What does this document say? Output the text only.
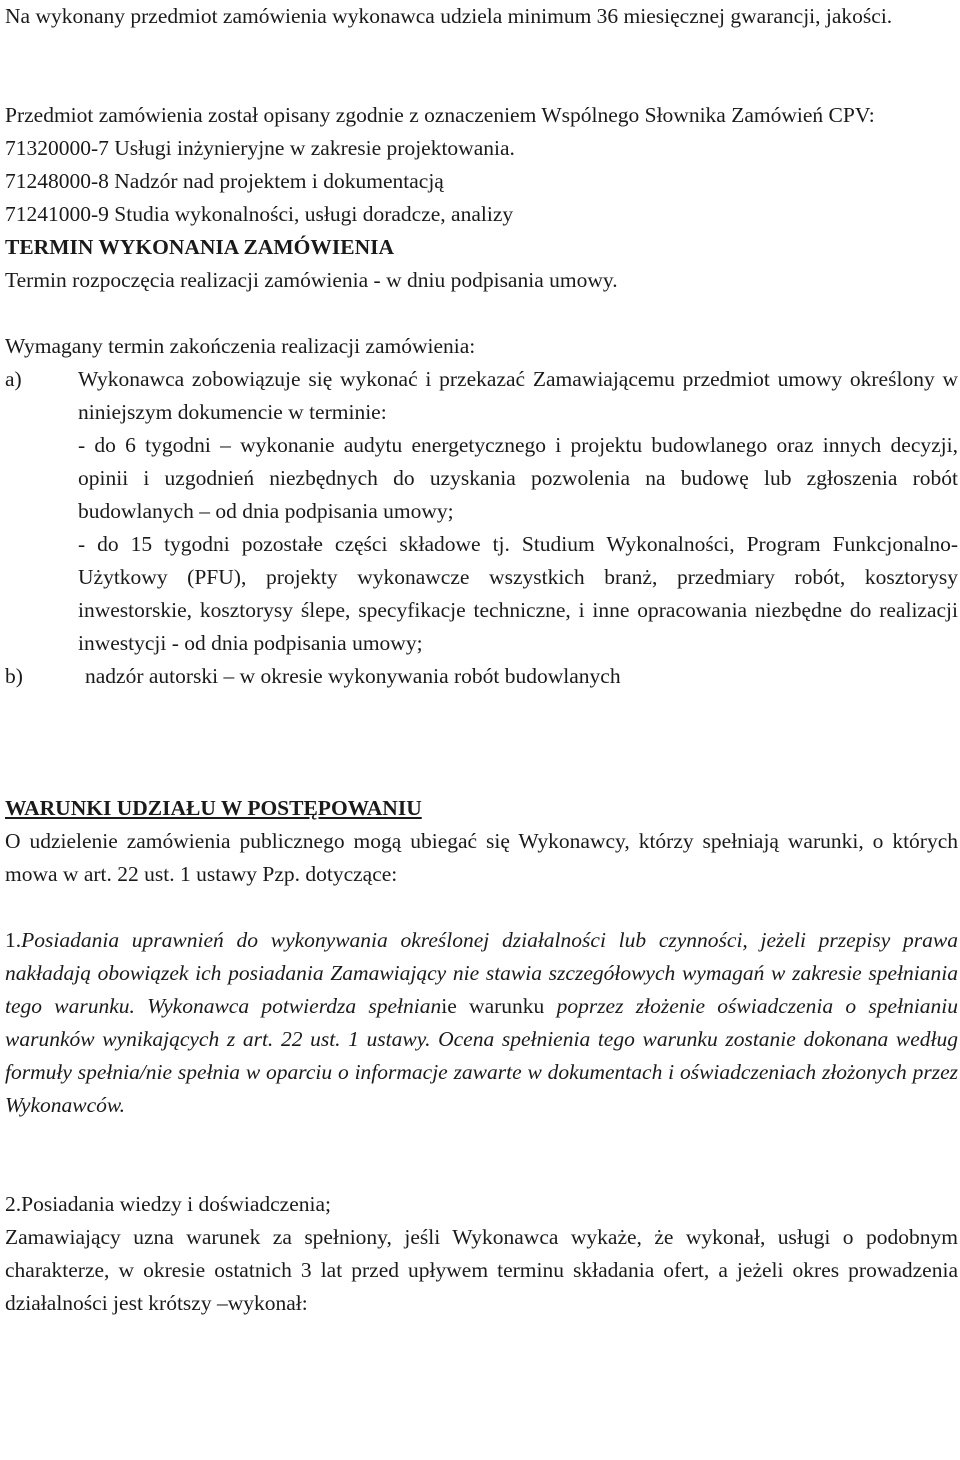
Na wykonany przedmiot zamówienia wykonawca udziela minimum 36 miesięcznej gwarancji, jakości.

Przedmiot zamówienia został opisany zgodnie z oznaczeniem Wspólnego Słownika Zamówień CPV:

71320000-7 Usługi inżynieryjne w zakresie projektowania.

71248000-8 Nadzór nad projektem i dokumentacją

71241000-9 Studia wykonalności, usługi doradcze, analizy

TERMIN WYKONANIA ZAMÓWIENIA

Termin rozpoczęcia realizacji zamówienia - w dniu podpisania umowy.

Wymagany termin zakończenia realizacji zamówienia:

a)	Wykonawca zobowiązuje się wykonać i przekazać Zamawiającemu przedmiot umowy określony w niniejszym dokumencie w terminie:

- do 6 tygodni – wykonanie audytu energetycznego i projektu budowlanego oraz innych decyzji, opinii i uzgodnień niezbędnych do uzyskania pozwolenia na budowę lub zgłoszenia robót budowlanych – od dnia podpisania umowy;

- do 15 tygodni pozostałe części składowe tj. Studium Wykonalności, Program Funkcjonalno-Użytkowy (PFU), projekty wykonawcze wszystkich branż, przedmiary robót, kosztorysy inwestorskie, kosztorysy ślepe, specyfikacje techniczne, i inne opracowania niezbędne do realizacji inwestycji - od dnia podpisania umowy;

b)	nadzór autorski – w okresie wykonywania robót budowlanych

WARUNKI UDZIAŁU W POSTĘPOWANIU

O udzielenie zamówienia publicznego mogą ubiegać się Wykonawcy, którzy spełniają warunki, o których mowa w art. 22 ust. 1 ustawy Pzp. dotyczące:

1.Posiadania uprawnień do wykonywania określonej działalności lub czynności, jeżeli przepisy prawa nakładają obowiązek ich posiadania Zamawiający nie stawia szczegółowych wymagań w zakresie spełniania tego warunku. Wykonawca potwierdza spełnianie warunku poprzez złożenie oświadczenia o spełnianiu warunków wynikających z art. 22 ust. 1 ustawy. Ocena spełnienia tego warunku zostanie dokonana według formuły spełnia/nie spełnia w oparciu o informacje zawarte w dokumentach i oświadczeniach złożonych przez Wykonawców.

2.Posiadania wiedzy i doświadczenia;

Zamawiający uzna warunek za spełniony, jeśli Wykonawca wykaże, że wykonał, usługi o podobnym charakterze, w okresie ostatnich 3 lat przed upływem terminu składania ofert, a jeżeli okres prowadzenia działalności jest krótszy –wykonał:
